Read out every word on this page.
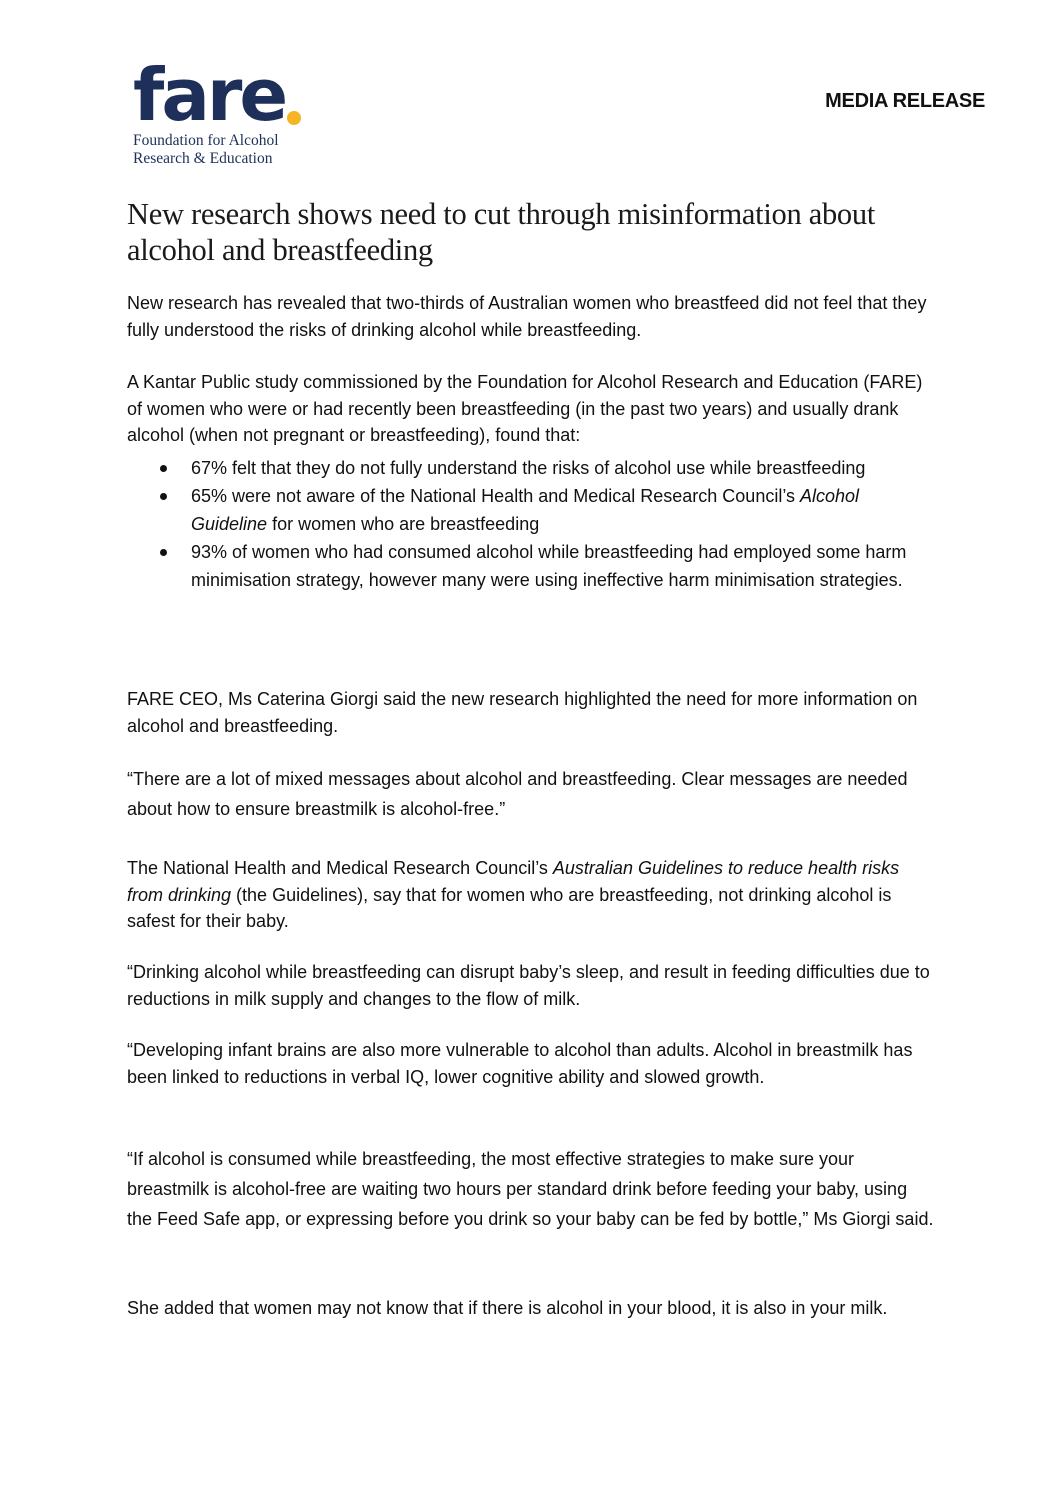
fare
Foundation for Alcohol
Research & Education
MEDIA RELEASE
New research shows need to cut through misinformation about alcohol and breastfeeding

New research has revealed that two-thirds of Australian women who breastfeed did not feel that they fully understood the risks of drinking alcohol while breastfeeding.

A Kantar Public study commissioned by the Foundation for Alcohol Research and Education (FARE) of women who were or had recently been breastfeeding (in the past two years) and usually drank alcohol (when not pregnant or breastfeeding), found that:

67% felt that they do not fully understand the risks of alcohol use while breastfeeding
65% were not aware of the National Health and Medical Research Council’s Alcohol Guideline for women who are breastfeeding
93% of women who had consumed alcohol while breastfeeding had employed some harm minimisation strategy, however many were using ineffective harm minimisation strategies.

FARE CEO, Ms Caterina Giorgi said the new research highlighted the need for more information on alcohol and breastfeeding.

“There are a lot of mixed messages about alcohol and breastfeeding. Clear messages are needed about how to ensure breastmilk is alcohol-free.”

The National Health and Medical Research Council’s Australian Guidelines to reduce health risks from drinking (the Guidelines), say that for women who are breastfeeding, not drinking alcohol is safest for their baby.

“Drinking alcohol while breastfeeding can disrupt baby’s sleep, and result in feeding difficulties due to reductions in milk supply and changes to the flow of milk.

“Developing infant brains are also more vulnerable to alcohol than adults. Alcohol in breastmilk has been linked to reductions in verbal IQ, lower cognitive ability and slowed growth.

“If alcohol is consumed while breastfeeding, the most effective strategies to make sure your breastmilk is alcohol-free are waiting two hours per standard drink before feeding your baby, using the Feed Safe app, or expressing before you drink so your baby can be fed by bottle,” Ms Giorgi said.

She added that women may not know that if there is alcohol in your blood, it is also in your milk.
